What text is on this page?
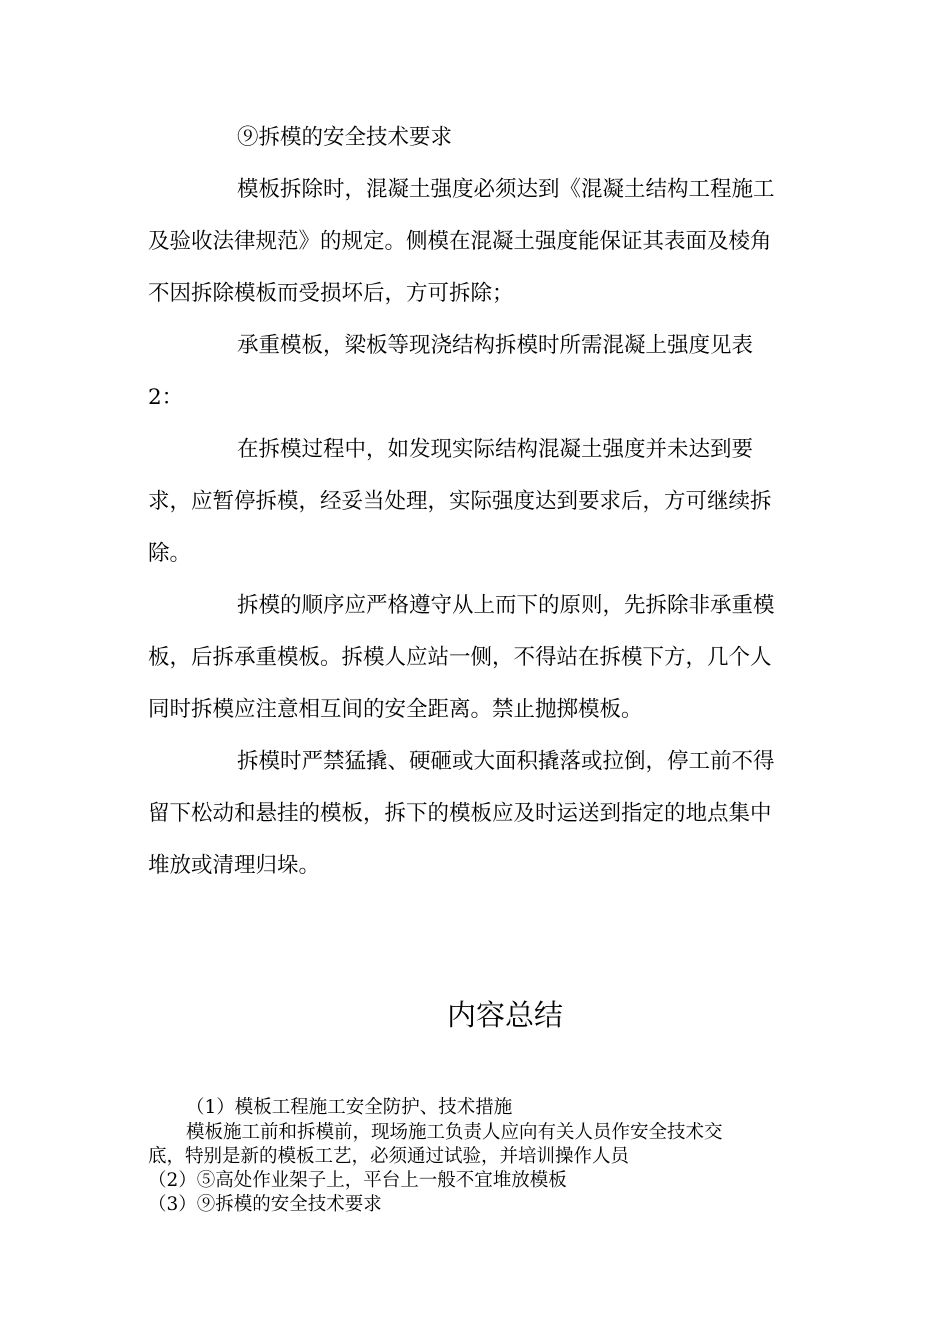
⑨拆模的安全技术要求
模板拆除时，混凝土强度必须达到《混凝土结构工程施工
及验收法律规范》的规定。侧模在混凝土强度能保证其表面及棱角
不因拆除模板而受损坏后，方可拆除；
承重模板，梁板等现浇结构拆模时所需混凝上强度见表
2：
在拆模过程中，如发现实际结构混凝土强度并未达到要
求，应暂停拆模，经妥当处理，实际强度达到要求后，方可继续拆
除。
拆模的顺序应严格遵守从上而下的原则，先拆除非承重模
板，后拆承重模板。拆模人应站一侧，不得站在拆模下方，几个人
同时拆模应注意相互间的安全距离。禁止抛掷模板。
拆模时严禁猛撬、硬砸或大面积撬落或拉倒，停工前不得
留下松动和悬挂的模板，拆下的模板应及时运送到指定的地点集中
堆放或清理归垛。
内容总结
（1）模板工程施工安全防护、技术措施
模板施工前和拆模前，现场施工负责人应向有关人员作安全技术交
底，特别是新的模板工艺，必须通过试验，并培训操作人员
（2）⑤高处作业架子上，平台上一般不宜堆放模板
（3）⑨拆模的安全技术要求
